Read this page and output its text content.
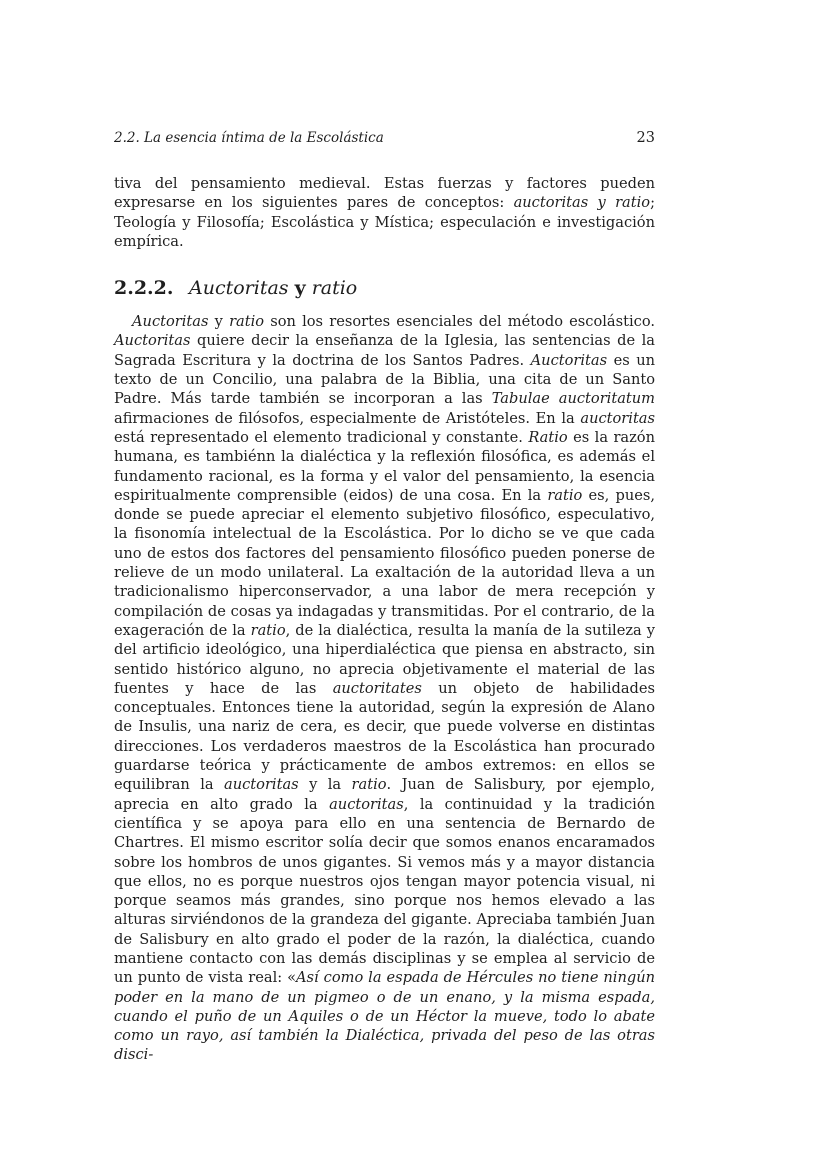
2.2. La esencia íntima de la Escolástica	23

tiva del pensamiento medieval. Estas fuerzas y factores pueden expresarse en los siguientes pares de conceptos: auctoritas y ratio; Teología y Filosofía; Escolástica y Mística; especulación e investigación empírica.

2.2.2. Auctoritas y ratio

Auctoritas y ratio son los resortes esenciales del método escolástico. Auctoritas quiere decir la enseñanza de la Iglesia, las sentencias de la Sagrada Escritura y la doctrina de los Santos Padres. Auctoritas es un texto de un Concilio, una palabra de la Biblia, una cita de un Santo Padre. Más tarde también se incorporan a las Tabulae auctoritatum afirmaciones de filósofos, especialmente de Aristóteles. En la auctoritas está representado el elemento tradicional y constante. Ratio es la razón humana, es tambiénn la dialéctica y la reflexión filosófica, es además el fundamento racional, es la forma y el valor del pensamiento, la esencia espiritualmente comprensible (eidos) de una cosa. En la ratio es, pues, donde se puede apreciar el elemento subjetivo filosófico, especulativo, la fisonomía intelectual de la Escolástica. Por lo dicho se ve que cada uno de estos dos factores del pensamiento filosófico pueden ponerse de relieve de un modo unilateral. La exaltación de la autoridad lleva a un tradicionalismo hiperconservador, a una labor de mera recepción y compilación de cosas ya indagadas y transmitidas. Por el contrario, de la exageración de la ratio, de la dialéctica, resulta la manía de la sutileza y del artificio ideológico, una hiperdialéctica que piensa en abstracto, sin sentido histórico alguno, no aprecia objetivamente el material de las fuentes y hace de las auctoritates un objeto de habilidades conceptuales. Entonces tiene la autoridad, según la expresión de Alano de Insulis, una nariz de cera, es decir, que puede volverse en distintas direcciones. Los verdaderos maestros de la Escolástica han procurado guardarse teórica y prácticamente de ambos extremos: en ellos se equilibran la auctoritas y la ratio. Juan de Salisbury, por ejemplo, aprecia en alto grado la auctoritas, la continuidad y la tradición científica y se apoya para ello en una sentencia de Bernardo de Chartres. El mismo escritor solía decir que somos enanos encaramados sobre los hombros de unos gigantes. Si vemos más y a mayor distancia que ellos, no es porque nuestros ojos tengan mayor potencia visual, ni porque seamos más grandes, sino porque nos hemos elevado a las alturas sirviéndonos de la grandeza del gigante. Apreciaba también Juan de Salisbury en alto grado el poder de la razón, la dialéctica, cuando mantiene contacto con las demás disciplinas y se emplea al servicio de un punto de vista real: «Así como la espada de Hércules no tiene ningún poder en la mano de un pigmeo o de un enano, y la misma espada, cuando el puño de un Aquiles o de un Héctor la mueve, todo lo abate como un rayo, así también la Dialéctica, privada del peso de las otras disci-
